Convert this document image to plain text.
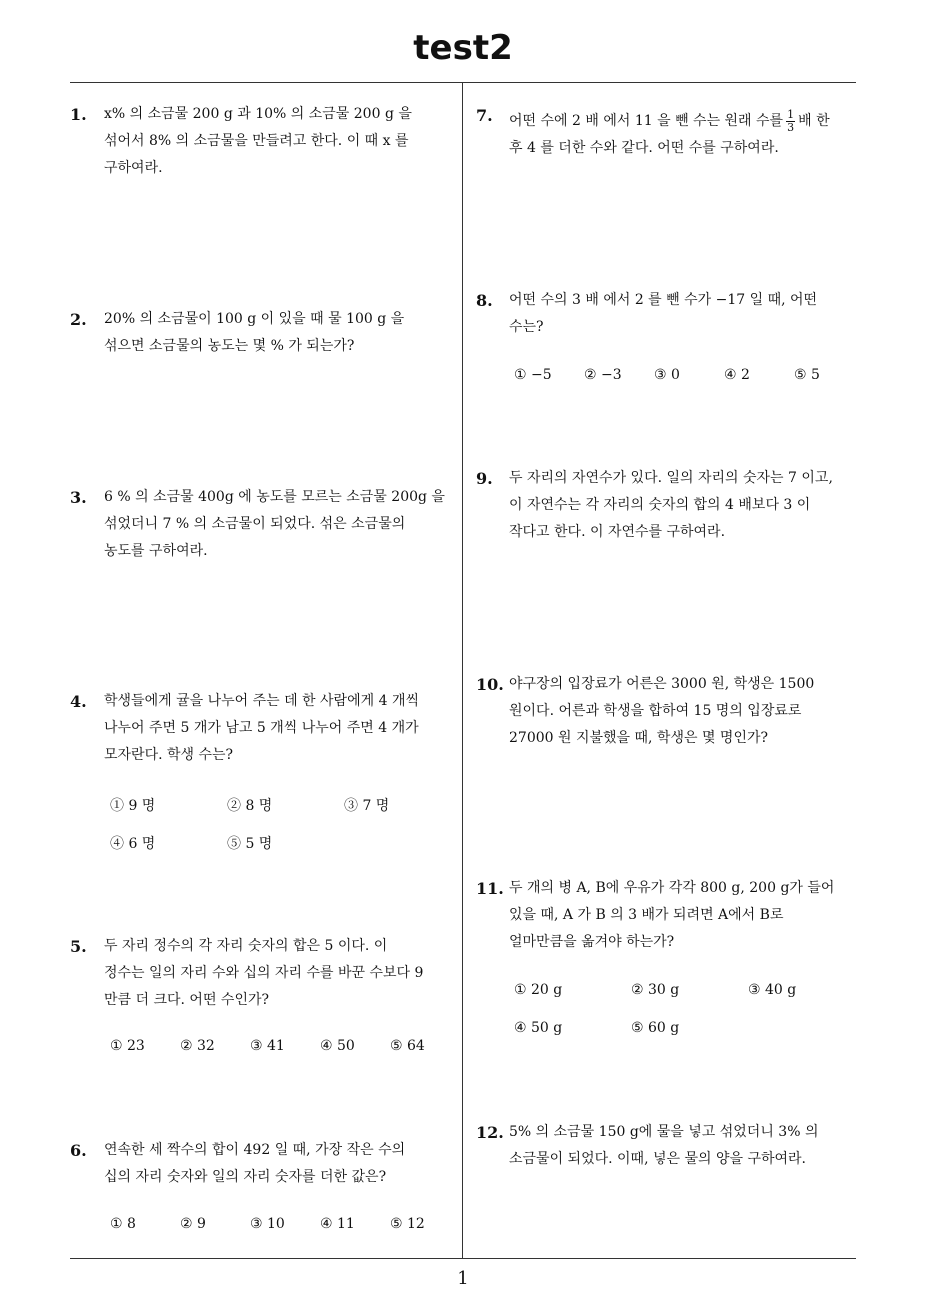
test2
1. x% 의 소금물 200 g 과 10% 의 소금물 200 g 을
섞어서 8% 의 소금물을 만들려고 한다. 이 때 x 를
구하여라.
2. 20% 의 소금물이 100 g 이 있을 때 물 100 g 을
섞으면 소금물의 농도는 몇 % 가 되는가?
3. 6 % 의 소금물 400g 에 농도를 모르는 소금물 200g 을
섞었더니 7 % 의 소금물이 되었다. 섞은 소금물의
농도를 구하여라.
4. 학생들에게 귤을 나누어 주는 데 한 사람에게 4 개씩
나누어 주면 5 개가 남고 5 개씩 나누어 주면 4 개가
모자란다. 학생 수는?
① 9 명	② 8 명	③ 7 명
④ 6 명	⑤ 5 명
5. 두 자리 정수의 각 자리 숫자의 합은 5 이다. 이
정수는 일의 자리 수와 십의 자리 수를 바꾼 수보다 9
만큼 더 크다. 어떤 수인가?
① 23	② 32	③ 41	④ 50	⑤ 64
6. 연속한 세 짝수의 합이 492 일 때, 가장 작은 수의
십의 자리 숫자와 일의 자리 숫자를 더한 값은?
① 8	② 9	③ 10	④ 11	⑤ 12
7. 어떤 수에 2 배 에서 11 을 뺀 수는 원래 수를 $\frac{1}{3}$ 배 한
후 4 를 더한 수와 같다. 어떤 수를 구하여라.
8. 어떤 수의 3 배 에서 2 를 뺀 수가 −17 일 때, 어떤
수는?
① −5 ② −3 ③ 0	④ 2	⑤ 5
9. 두 자리의 자연수가 있다. 일의 자리의 숫자는 7 이고,
이 자연수는 각 자리의 숫자의 합의 4 배보다 3 이
작다고 한다. 이 자연수를 구하여라.
10. 야구장의 입장료가 어른은 3000 원, 학생은 1500
원이다. 어른과 학생을 합하여 15 명의 입장료로
27000 원 지불했을 때, 학생은 몇 명인가?
11. 두 개의 병 A, B에 우유가 각각 800 g, 200 g가 들어
있을 때, A 가 B 의 3 배가 되려면 A에서 B로
얼마만큼을 옮겨야 하는가?
① 20 g	② 30 g	③ 40 g
④ 50 g	⑤ 60 g
12. 5% 의 소금물 150 g에 물을 넣고 섞었더니 3% 의
소금물이 되었다. 이때, 넣은 물의 양을 구하여라.
1
